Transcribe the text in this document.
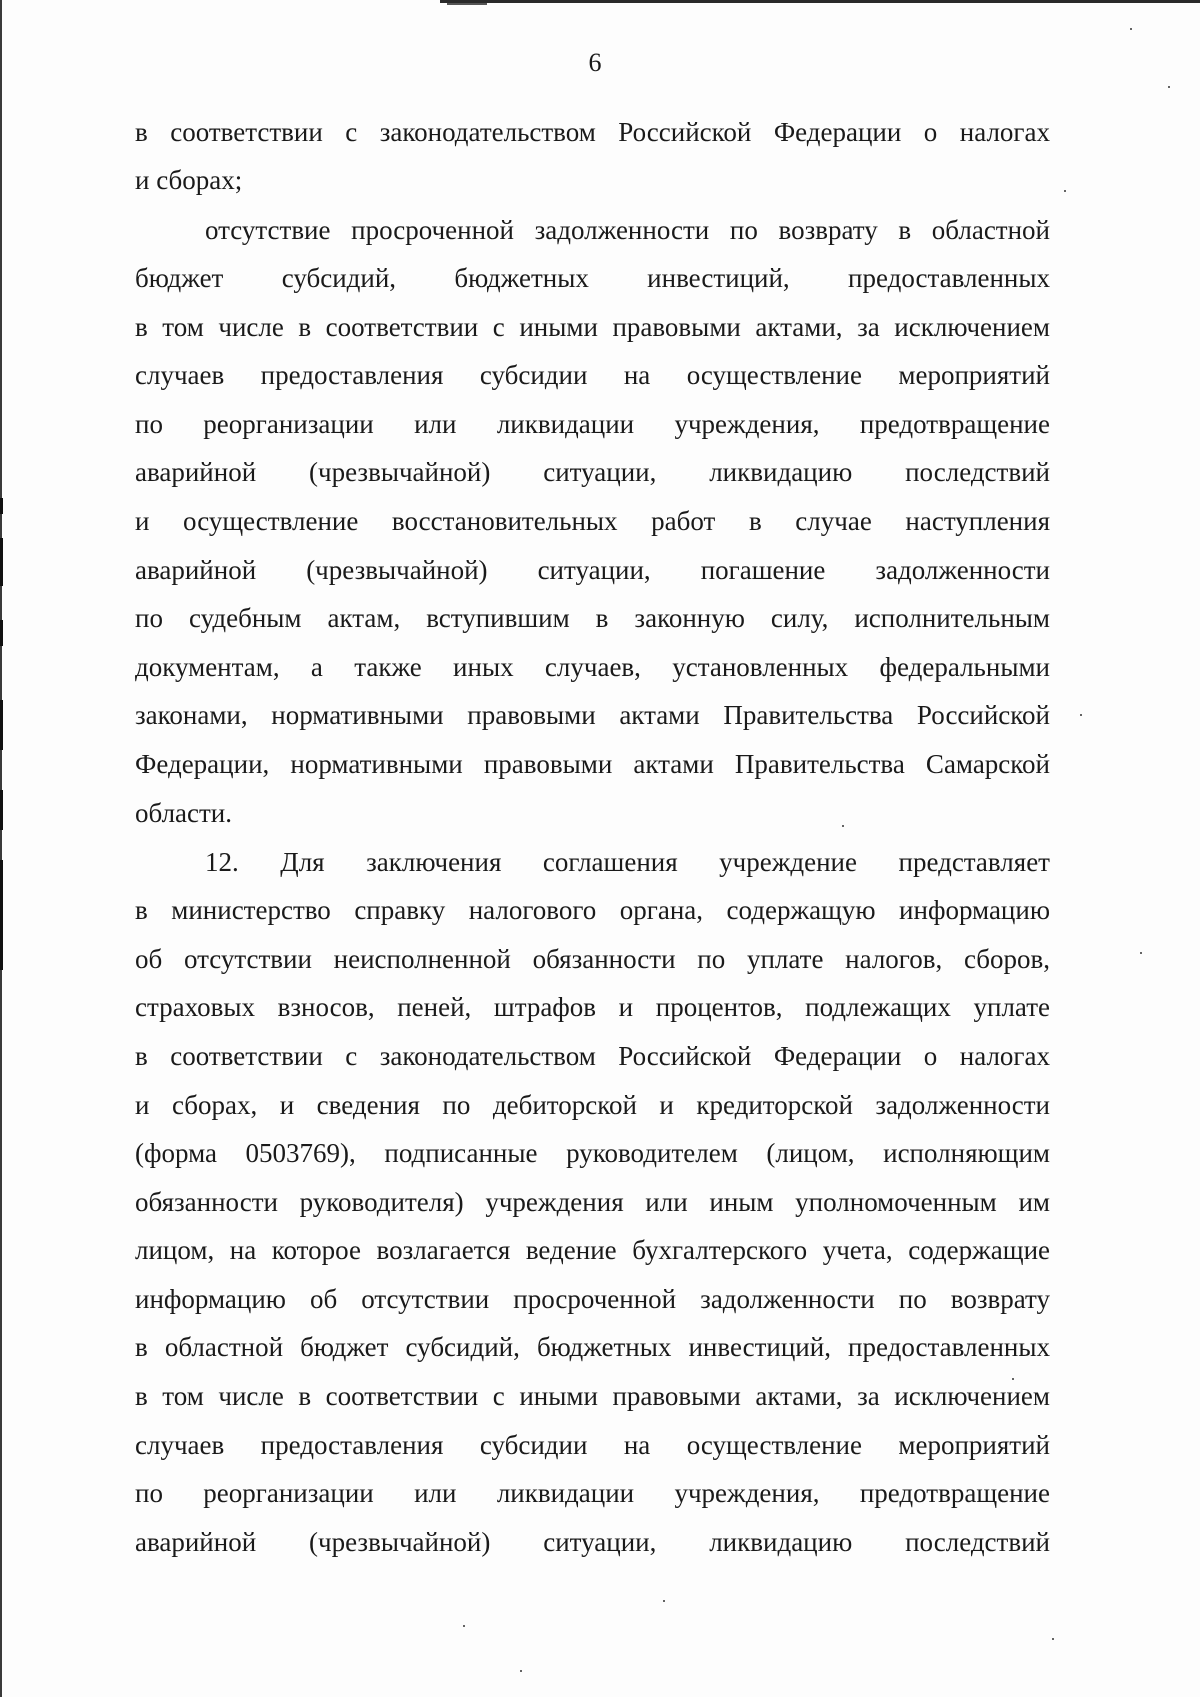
6
в соответствии с законодательством Российской Федерации о налогах
и сборах;
отсутствие просроченной задолженности по возврату в областной
бюджет субсидий, бюджетных инвестиций, предоставленных
в том числе в соответствии с иными правовыми актами, за исключением
случаев предоставления субсидии на осуществление мероприятий
по реорганизации или ликвидации учреждения, предотвращение
аварийной (чрезвычайной) ситуации, ликвидацию последствий
и осуществление восстановительных работ в случае наступления
аварийной (чрезвычайной) ситуации, погашение задолженности
по судебным актам, вступившим в законную силу, исполнительным
документам, а также иных случаев, установленных федеральными
законами, нормативными правовыми актами Правительства Российской
Федерации, нормативными правовыми актами Правительства Самарской
области.
12. Для заключения соглашения учреждение представляет
в министерство справку налогового органа, содержащую информацию
об отсутствии неисполненной обязанности по уплате налогов, сборов,
страховых взносов, пеней, штрафов и процентов, подлежащих уплате
в соответствии с законодательством Российской Федерации о налогах
и сборах, и сведения по дебиторской и кредиторской задолженности
(форма 0503769), подписанные руководителем (лицом, исполняющим
обязанности руководителя) учреждения или иным уполномоченным им
лицом, на которое возлагается ведение бухгалтерского учета, содержащие
информацию об отсутствии просроченной задолженности по возврату
в областной бюджет субсидий, бюджетных инвестиций, предоставленных
в том числе в соответствии с иными правовыми актами, за исключением
случаев предоставления субсидии на осуществление мероприятий
по реорганизации или ликвидации учреждения, предотвращение
аварийной (чрезвычайной) ситуации, ликвидацию последствий
